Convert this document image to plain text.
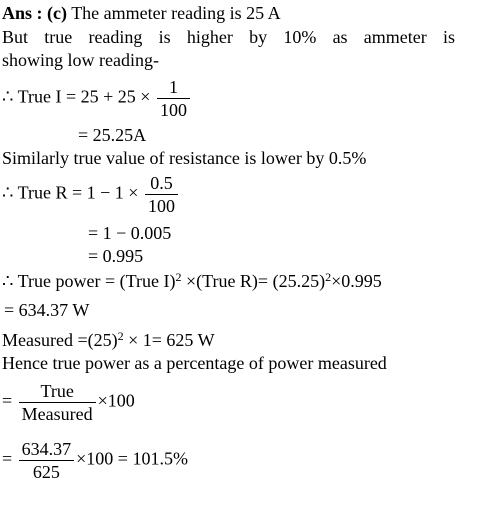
Ans : (c) The ammeter reading is 25 A
But true reading is higher by 10% as ammeter is
showing low reading-
∴ True $I = 25 + 25 \times \frac{1}{100}$
= 25.25A
Similarly true value of resistance is lower by 0.5%
∴ True $R = 1 - 1 \times \frac{0.5}{100}$
= 1 − 0.005
= 0.995
∴ True power = (True I)$^2$ ×(True $R)= (25.25)^2\times 0.995$
= 634.37 W
Measured $=(25)^2 \times 1= 625$ W
Hence true power as a percentage of power measured
= $\frac{\text{True}}{\text{Measured}} \times 100$
= $\frac{634.37}{625} \times 100 = 101.5\%$
